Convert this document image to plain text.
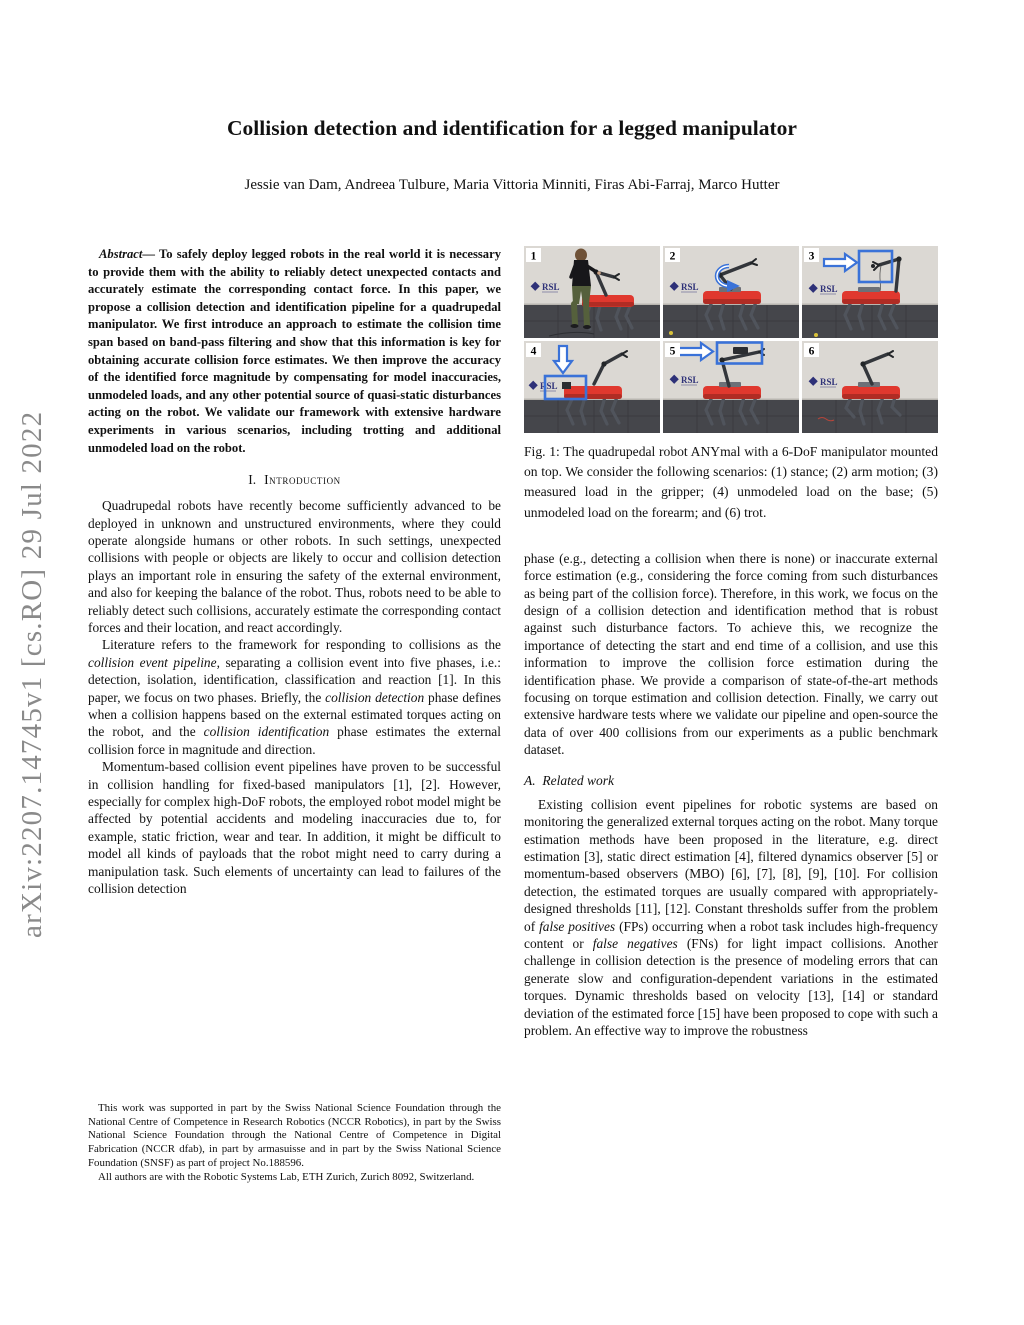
arXiv:2207.14745v1 [cs.RO] 29 Jul 2022
Collision detection and identification for a legged manipulator
Jessie van Dam, Andreea Tulbure, Maria Vittoria Minniti, Firas Abi-Farraj, Marco Hutter

Abstract— To safely deploy legged robots in the real world it is necessary to provide them with the ability to reliably detect unexpected contacts and accurately estimate the corresponding contact force. In this paper, we propose a collision detection and identification pipeline for a quadrupedal manipulator. We first introduce an approach to estimate the collision time span based on band-pass filtering and show that this information is key for obtaining accurate collision force estimates. We then improve the accuracy of the identified force magnitude by compensating for model inaccuracies, unmodeled loads, and any other potential source of quasi-static disturbances acting on the robot. We validate our framework with extensive hardware experiments in various scenarios, including trotting and additional unmodeled load on the robot.

I. Introduction

Quadrupedal robots have recently become sufficiently advanced to be deployed in unknown and unstructured environments, where they could operate alongside humans or other robots. In such settings, unexpected collisions with people or objects are likely to occur and collision detection plays an important role in ensuring the safety of the external environment, and also for keeping the balance of the robot. Thus, robots need to be able to reliably detect such collisions, accurately estimate the corresponding contact forces and their location, and react accordingly.

Literature refers to the framework for responding to collisions as the collision event pipeline, separating a collision event into five phases, i.e.: detection, isolation, identification, classification and reaction [1]. In this paper, we focus on two phases. Briefly, the collision detection phase defines when a collision happens based on the external estimated torques acting on the robot, and the collision identification phase estimates the external collision force in magnitude and direction.

Momentum-based collision event pipelines have proven to be successful in collision handling for fixed-based manipulators [1], [2]. However, especially for complex high-DoF robots, the employed robot model might be affected by potential accidents and modeling inaccuracies due to, for example, static friction, wear and tear. In addition, it might be difficult to model all kinds of payloads that the robot might need to carry during a manipulation task. Such elements of uncertainty can lead to failures of the collision detection

RSL
1
RSL
2
RSL
3
RSL
4
RSL
5
RSL
6

Fig. 1: The quadrupedal robot ANYmal with a 6-DoF manipulator mounted on top. We consider the following scenarios: (1) stance; (2) arm motion; (3) measured load in the gripper; (4) unmodeled load on the base; (5) unmodeled load on the forearm; and (6) trot.

phase (e.g., detecting a collision when there is none) or inaccurate external force estimation (e.g., considering the force coming from such disturbances as being part of the collision force). Therefore, in this work, we focus on the design of a collision detection and identification method that is robust against such disturbance factors. To achieve this, we recognize the importance of detecting the start and end time of a collision, and use this information to improve the collision force estimation during the identification phase. We provide a comparison of state-of-the-art methods focusing on torque estimation and collision detection. Finally, we carry out extensive hardware tests where we validate our pipeline and open-source the data of over 400 collisions from our experiments as a public benchmark dataset.

A. Related work

Existing collision event pipelines for robotic systems are based on monitoring the generalized external torques acting on the robot. Many torque estimation methods have been proposed in the literature, e.g. direct estimation [3], static direct estimation [4], filtered dynamics observer [5] or momentum-based observers (MBO) [6], [7], [8], [9], [10]. For collision detection, the estimated torques are usually compared with appropriately-designed thresholds [11], [12]. Constant thresholds suffer from the problem of false positives (FPs) occurring when a robot task includes high-frequency content or false negatives (FNs) for light impact collisions. Another challenge in collision detection is the presence of modeling errors that can generate slow and configuration-dependent variations in the estimated torques. Dynamic thresholds based on velocity [13], [14] or standard deviation of the estimated force [15] have been proposed to cope with such a problem. An effective way to improve the robustness

This work was supported in part by the Swiss National Science Foundation through the National Centre of Competence in Research Robotics (NCCR Robotics), in part by the Swiss National Science Foundation through the National Centre of Competence in Digital Fabrication (NCCR dfab), in part by armasuisse and in part by the Swiss National Science Foundation (SNSF) as part of project No.188596.

All authors are with the Robotic Systems Lab, ETH Zurich, Zurich 8092, Switzerland.
